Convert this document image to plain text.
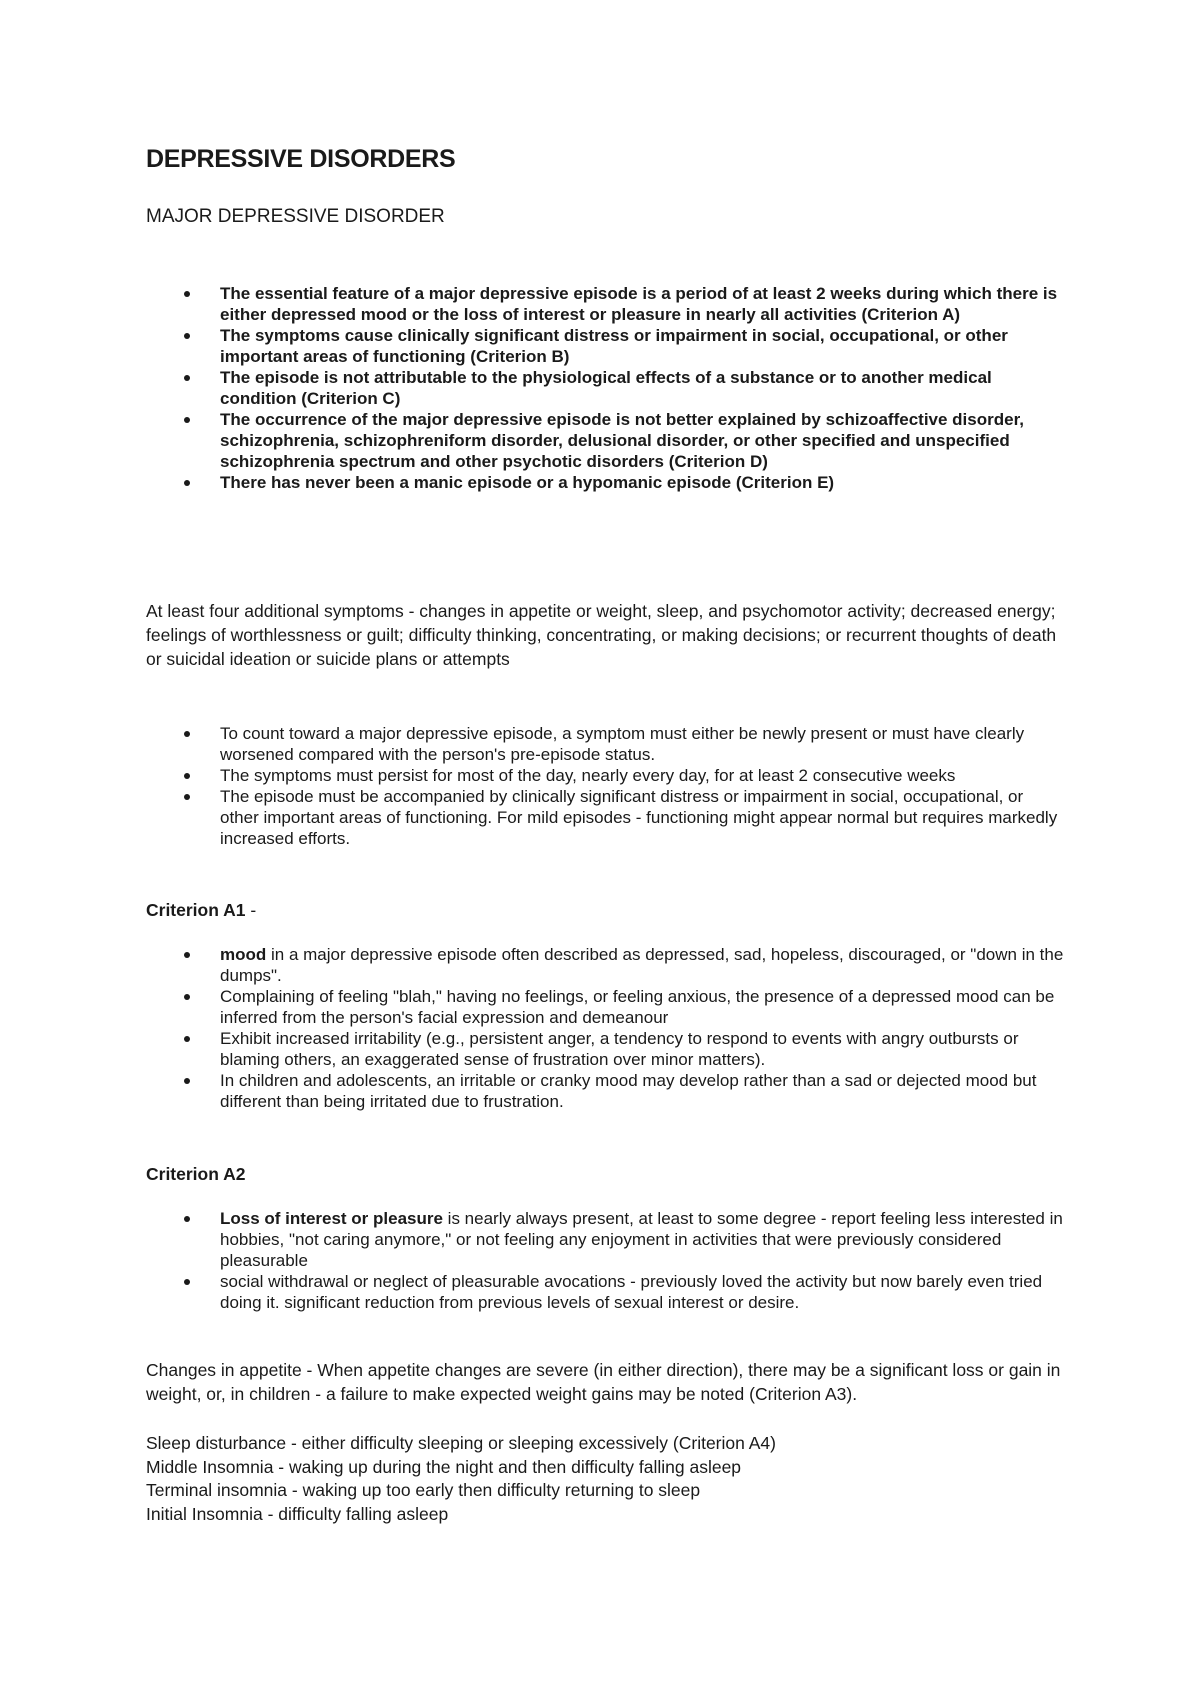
DEPRESSIVE DISORDERS
MAJOR DEPRESSIVE DISORDER
The essential feature of a major depressive episode is a period of at least 2 weeks during which there is either depressed mood or the loss of interest or pleasure in nearly all activities (Criterion A)
The symptoms cause clinically significant distress or impairment in social, occupational, or other important areas of functioning (Criterion B)
The episode is not attributable to the physiological effects of a substance or to another medical condition (Criterion C)
The occurrence of the major depressive episode is not better explained by schizoaffective disorder, schizophrenia, schizophreniform disorder, delusional disorder, or other specified and unspecified schizophrenia spectrum and other psychotic disorders (Criterion D)
There has never been a manic episode or a hypomanic episode (Criterion E)

At least four additional symptoms - changes in appetite or weight, sleep, and psychomotor activity; decreased energy; feelings of worthlessness or guilt; difficulty thinking, concentrating, or making decisions; or recurrent thoughts of death or suicidal ideation or suicide plans or attempts

To count toward a major depressive episode, a symptom must either be newly present or must have clearly worsened compared with the person's pre-episode status.
The symptoms must persist for most of the day, nearly every day, for at least 2 consecutive weeks
The episode must be accompanied by clinically significant distress or impairment in social, occupational, or other important areas of functioning. For mild episodes - functioning might appear normal but requires markedly increased efforts.

Criterion A1 -

mood in a major depressive episode often described as depressed, sad, hopeless, discouraged, or "down in the dumps".
Complaining of feeling "blah," having no feelings, or feeling anxious, the presence of a depressed mood can be inferred from the person's facial expression and demeanour
Exhibit increased irritability (e.g., persistent anger, a tendency to respond to events with angry outbursts or blaming others, an exaggerated sense of frustration over minor matters).
In children and adolescents, an irritable or cranky mood may develop rather than a sad or dejected mood but different than being irritated due to frustration.

Criterion A2

Loss of interest or pleasure is nearly always present, at least to some degree - report feeling less interested in hobbies, "not caring anymore," or not feeling any enjoyment in activities that were previously considered pleasurable
social withdrawal or neglect of pleasurable avocations - previously loved the activity but now barely even tried doing it. significant reduction from previous levels of sexual interest or desire.

Changes in appetite - When appetite changes are severe (in either direction), there may be a significant loss or gain in weight, or, in children - a failure to make expected weight gains may be noted (Criterion A3).

Sleep disturbance - either difficulty sleeping or sleeping excessively (Criterion A4)

Middle Insomnia - waking up during the night and then difficulty falling asleep

Terminal insomnia - waking up too early then difficulty returning to sleep

Initial Insomnia - difficulty falling asleep
